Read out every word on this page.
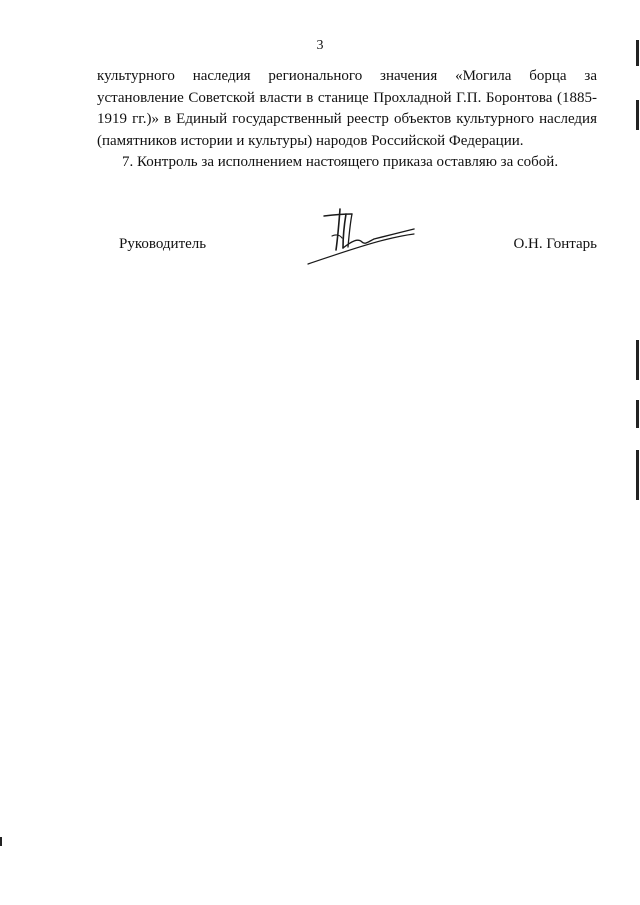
3

культурного наследия регионального значения «Могила борца за установление Советской власти в станице Прохладной Г.П. Боронтова (1885-1919 гг.)» в Единый государственный реестр объектов культурного наследия (памятников истории и культуры) народов Российской Федерации.

7. Контроль за исполнением настоящего приказа оставляю за собой.

Руководитель	О.Н. Гонтарь
